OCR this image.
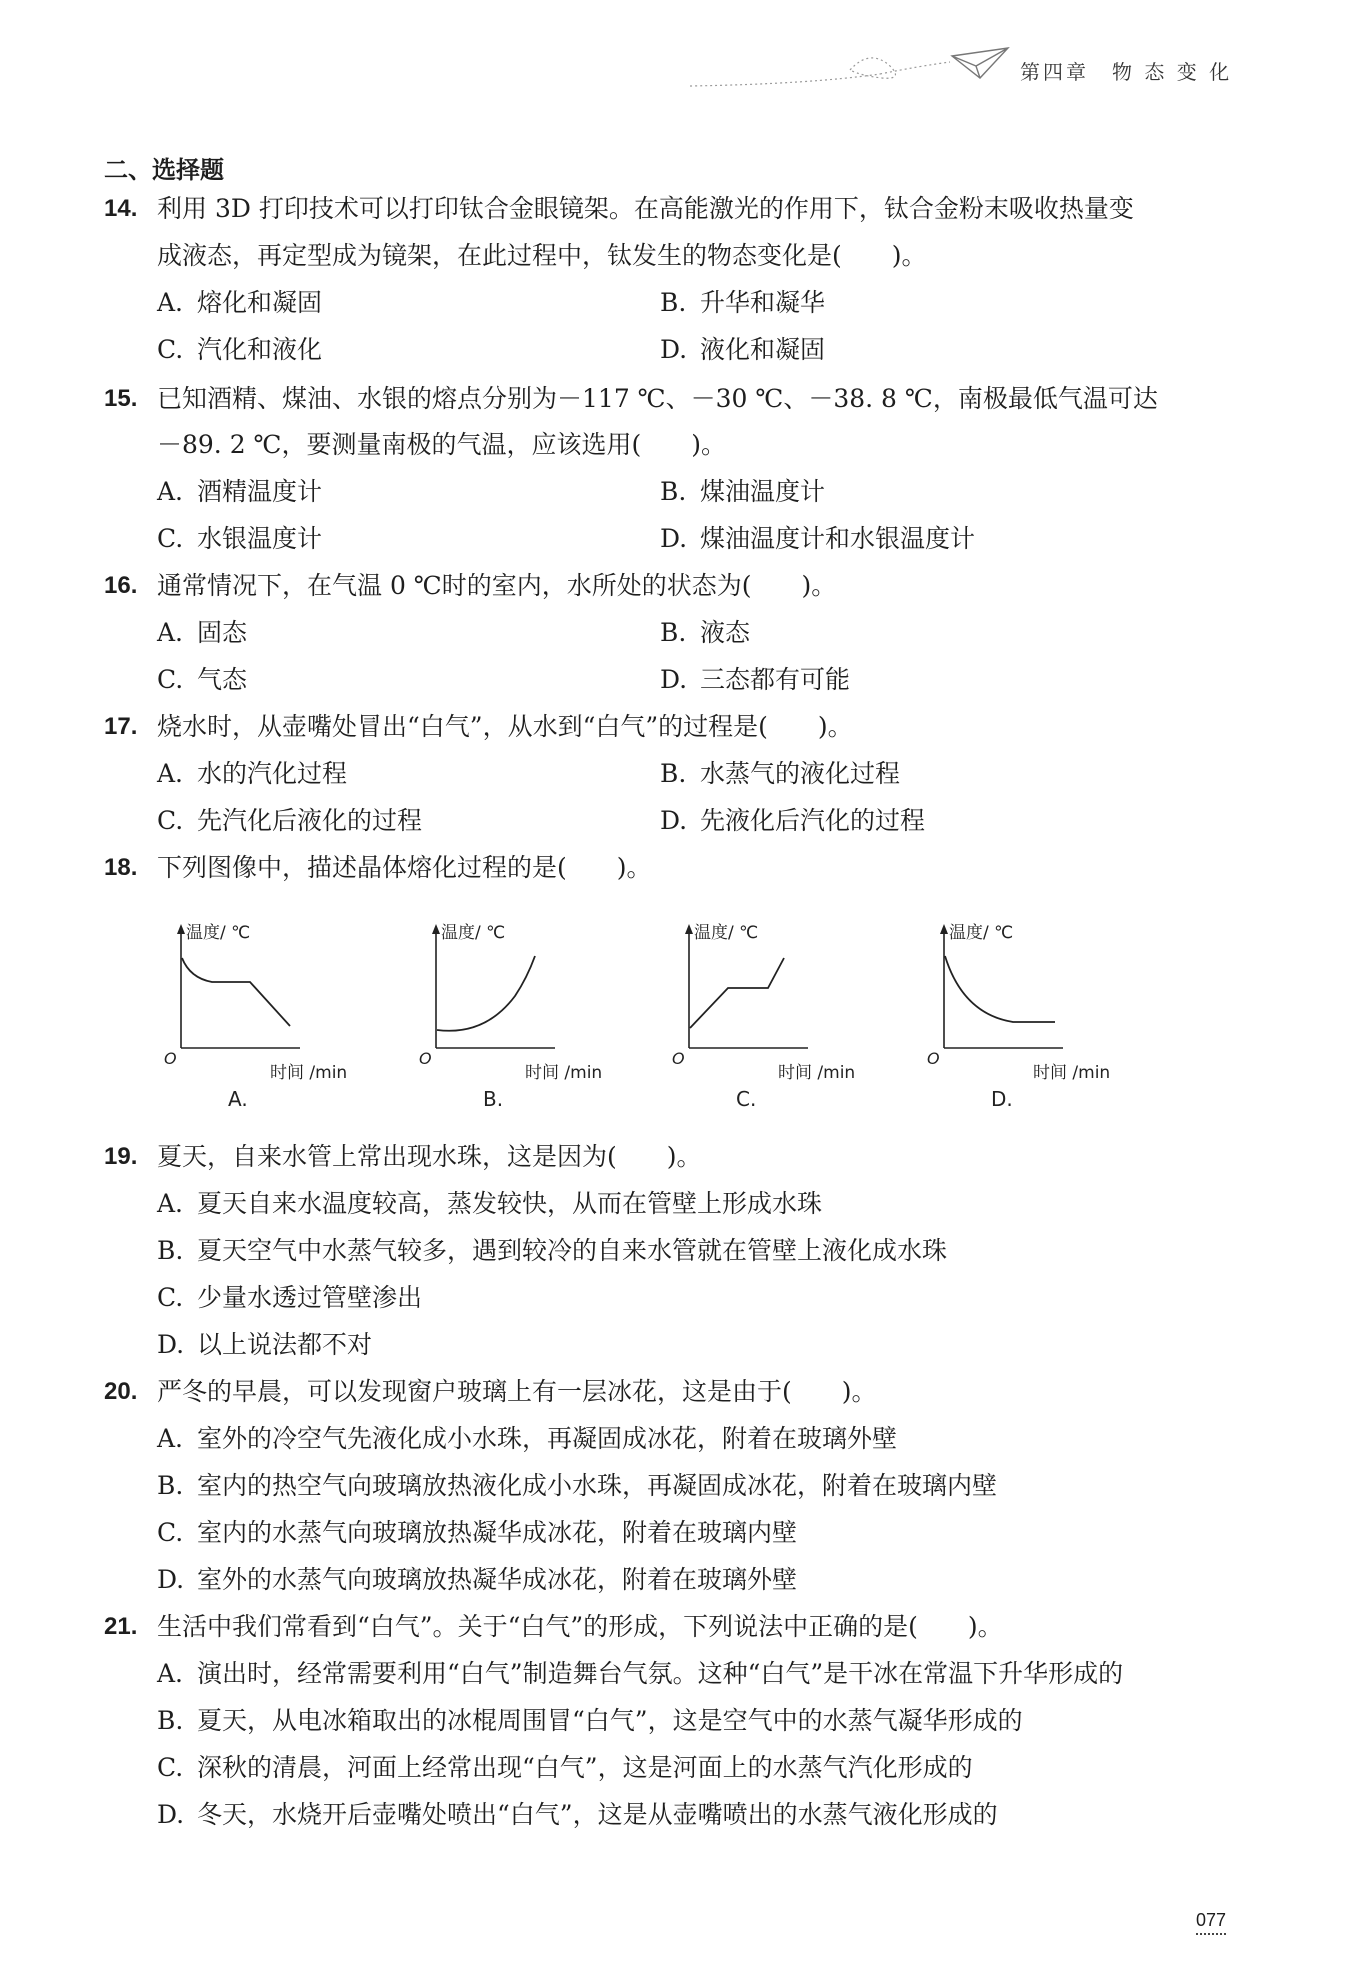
第四章　物 态 变 化
二、选择题
14. 利用 3D 打印技术可以打印钛合金眼镜架。在高能激光的作用下，钛合金粉末吸收热量变
成液态，再定型成为镜架，在此过程中，钛发生的物态变化是(　　)。
A. 熔化和凝固	B. 升华和凝华
C. 汽化和液化	D. 液化和凝固
15. 已知酒精、煤油、水银的熔点分别为－117 ℃、－30 ℃、－38. 8 ℃，南极最低气温可达
－89. 2 ℃，要测量南极的气温，应该选用(　　)。
A. 酒精温度计	B. 煤油温度计
C. 水银温度计	D. 煤油温度计和水银温度计
16. 通常情况下，在气温 0 ℃时的室内，水所处的状态为(　　)。
A. 固态	B. 液态
C. 气态	D. 三态都有可能
17. 烧水时，从壶嘴处冒出“白气”，从水到“白气”的过程是(　　)。
A. 水的汽化过程	B. 水蒸气的液化过程
C. 先汽化后液化的过程	D. 先液化后汽化的过程
18. 下列图像中，描述晶体熔化过程的是(　　)。
温度/ ℃
O
时间 /min
A.
温度/ ℃
O
时间 /min
B.
温度/ ℃
O
时间 /min
C.
温度/ ℃
O
时间 /min
D.
19. 夏天，自来水管上常出现水珠，这是因为(　　)。
A. 夏天自来水温度较高，蒸发较快，从而在管壁上形成水珠
B. 夏天空气中水蒸气较多，遇到较冷的自来水管就在管壁上液化成水珠
C. 少量水透过管壁渗出
D. 以上说法都不对
20. 严冬的早晨，可以发现窗户玻璃上有一层冰花，这是由于(　　)。
A. 室外的冷空气先液化成小水珠，再凝固成冰花，附着在玻璃外壁
B. 室内的热空气向玻璃放热液化成小水珠，再凝固成冰花，附着在玻璃内壁
C. 室内的水蒸气向玻璃放热凝华成冰花，附着在玻璃内壁
D. 室外的水蒸气向玻璃放热凝华成冰花，附着在玻璃外壁
21. 生活中我们常看到“白气”。关于“白气”的形成，下列说法中正确的是(　　)。
A. 演出时，经常需要利用“白气”制造舞台气氛。这种“白气”是干冰在常温下升华形成的
B. 夏天，从电冰箱取出的冰棍周围冒“白气”，这是空气中的水蒸气凝华形成的
C. 深秋的清晨，河面上经常出现“白气”，这是河面上的水蒸气汽化形成的
D. 冬天，水烧开后壶嘴处喷出“白气”，这是从壶嘴喷出的水蒸气液化形成的
077
